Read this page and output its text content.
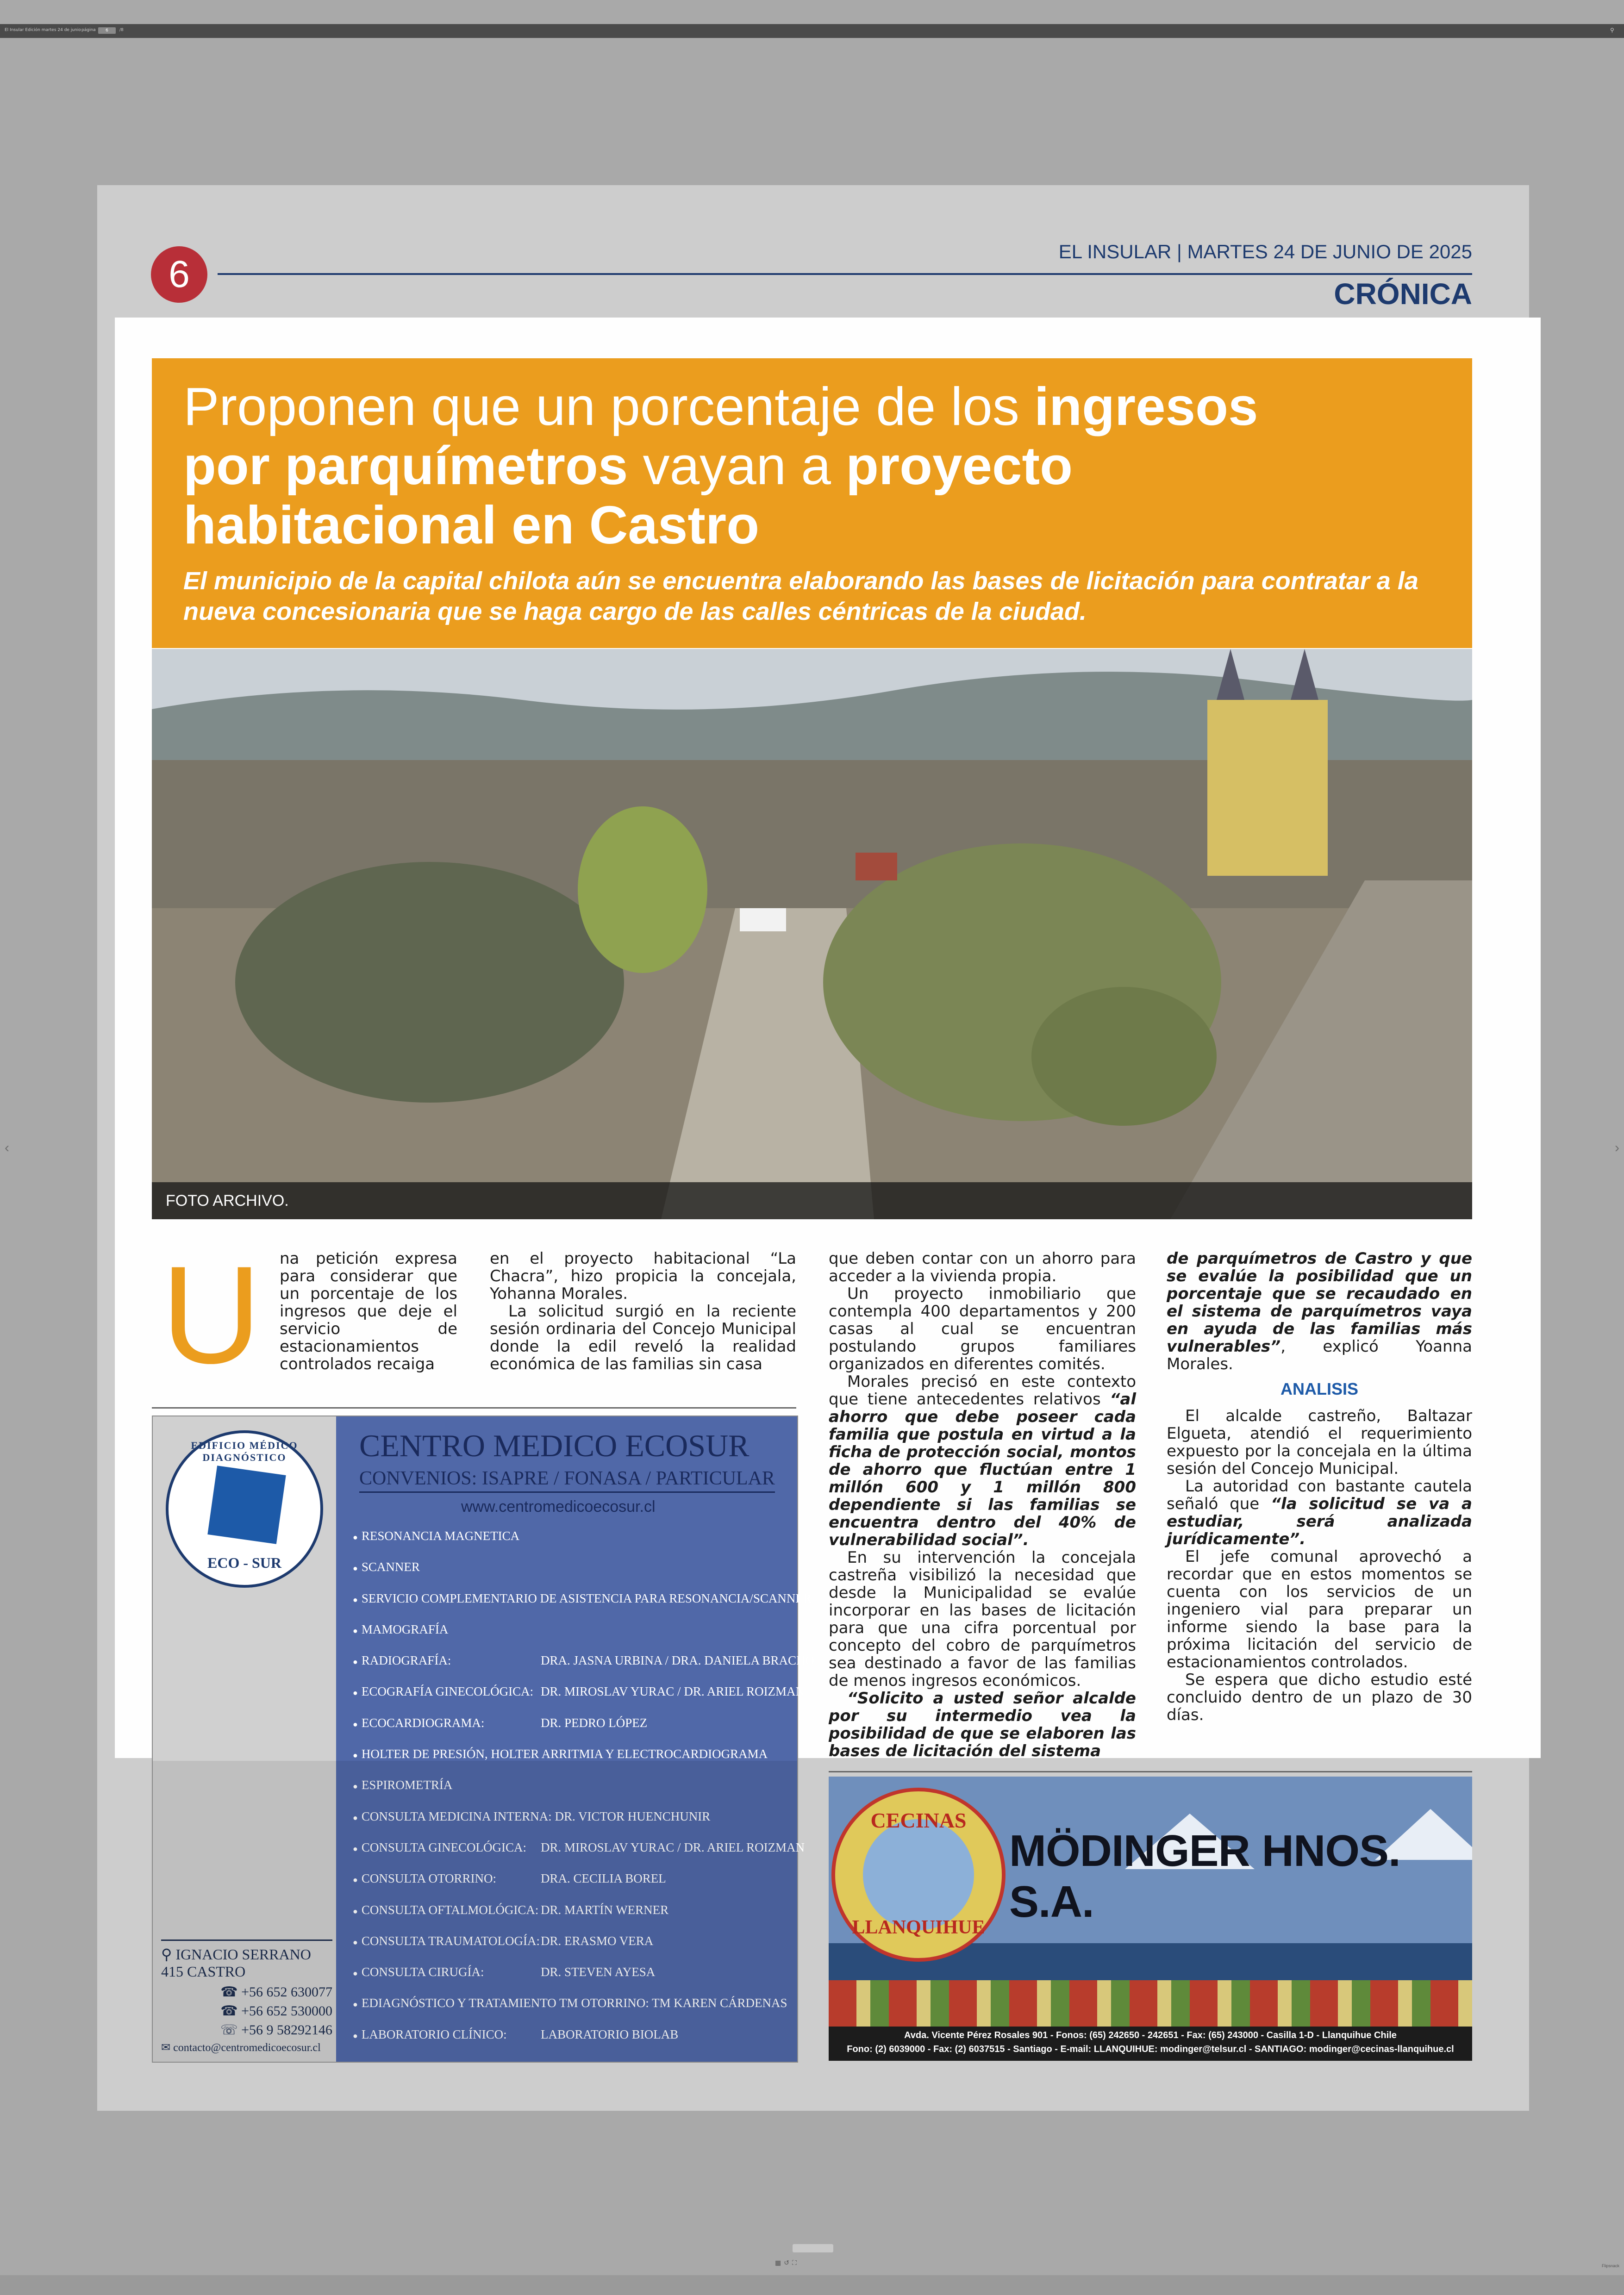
El Insular Edición martes 24 de junio página	6	/8	⚲
‹	›
6
EL INSULAR | MARTES 24 DE JUNIO DE 2025
CRÓNICA
Proponen que un porcentaje de los ingresos
por parquímetros vayan a proyecto
habitacional en Castro
El municipio de la capital chilota aún se encuentra elaborando las bases de licitación para contratar a la nueva concesionaria que se haga cargo de las calles céntricas de la ciudad.
FOTO ARCHIVO.
U na petición expresa para considerar que un porcentaje de los ingresos que deje el servicio de estacionamientos controlados recaiga

en el proyecto habitacional “La Chacra”, hizo propicia la concejala, Yohanna Morales.

La solicitud surgió en la reciente sesión ordinaria del Concejo Municipal donde la edil reveló la realidad económica de las familias sin casa

que deben contar con un ahorro para acceder a la vivienda propia.

Un proyecto inmobiliario que contempla 400 departamentos y 200 casas al cual se encuentran postulando grupos familiares organizados en diferentes comités.

Morales precisó en este contexto que tiene antecedentes relativos “al ahorro que debe poseer cada familia que postula en virtud a la ficha de protección social, montos de ahorro que fluctúan entre 1 millón 600 y 1 millón 800 dependiente si las familias se encuentra dentro del 40% de vulnerabilidad social”.

En su intervención la concejala castreña visibilizó la necesidad que desde la Municipalidad se evalúe incorporar en las bases de licitación para que una cifra porcentual por concepto del cobro de parquímetros sea destinado a favor de las familias de menos ingresos económicos.

“Solicito a usted señor alcalde por su intermedio vea la posibilidad de que se elaboren las bases de licitación del sistema

de parquímetros de Castro y que se evalúe la posibilidad que un porcentaje que se recaudado en el sistema de parquímetros vaya en ayuda de las familias más vulnerables”, explicó Yoanna Morales.

ANALISIS

El alcalde castreño, Baltazar Elgueta, atendió el requerimiento expuesto por la concejala en la última sesión del Concejo Municipal.

La autoridad con bastante cautela señaló que “la solicitud se va a estudiar, será analizada jurídicamente”.

El jefe comunal aprovechó a recordar que en estos momentos se cuenta con los servicios de un ingeniero vial para preparar un informe siendo la base para la próxima licitación del servicio de estacionamientos controlados.

Se espera que dicho estudio esté concluido dentro de un plazo de 30 días.

EDIFICIO MÉDICO DIAGNÓSTICO
ECO - SUR
⚲ IGNACIO SERRANO 415 CASTRO
☎ +56 652 630077
☎ +56 652 530000
☏ +56 9 58292146
✉ contacto@centromedicoecosur.cl
CENTRO MEDICO ECOSUR
CONVENIOS: ISAPRE / FONASA / PARTICULAR
www.centromedicoecosur.cl
● RESONANCIA MAGNETICA
● SCANNER
● SERVICIO COMPLEMENTARIO DE ASISTENCIA PARA RESONANCIA/SCANNER
● MAMOGRAFÍA
● RADIOGRAFÍA:	DRA. JASNA URBINA / DRA. DANIELA BRACHO
● ECOGRAFÍA GINECOLÓGICA: DR. MIROSLAV YURAC / DR. ARIEL ROIZMAN
● ECOCARDIOGRAMA:	DR. PEDRO LÓPEZ
● HOLTER DE PRESIÓN, HOLTER ARRITMIA Y ELECTROCARDIOGRAMA
● ESPIROMETRÍA
● CONSULTA MEDICINA INTERNA: DR. VICTOR HUENCHUNIR
● CONSULTA GINECOLÓGICA: DR. MIROSLAV YURAC / DR. ARIEL ROIZMAN
● CONSULTA OTORRINO:	DRA. CECILIA BOREL
● CONSULTA OFTALMOLÓGICA: DR. MARTÍN WERNER
● CONSULTA TRAUMATOLOGÍA: DR. ERASMO VERA
● CONSULTA CIRUGÍA:	DR. STEVEN AYESA
● EDIAGNÓSTICO Y TRATAMIENTO TM OTORRINO: TM KAREN CÁRDENAS
● LABORATORIO CLÍNICO:	LABORATORIO BIOLAB
CECINAS
LLANQUIHUE
MÖDINGER HNOS. S.A.
Avda. Vicente Pérez Rosales 901 - Fonos: (65) 242650 - 242651 - Fax: (65) 243000 - Casilla 1-D - Llanquihue Chile
Fono: (2) 6039000 - Fax: (2) 6037515 - Santiago - E-mail: LLANQUIHUE: modinger@telsur.cl - SANTIAGO: modinger@cecinas-llanquihue.cl
▦↺⛶	Flipsnack
